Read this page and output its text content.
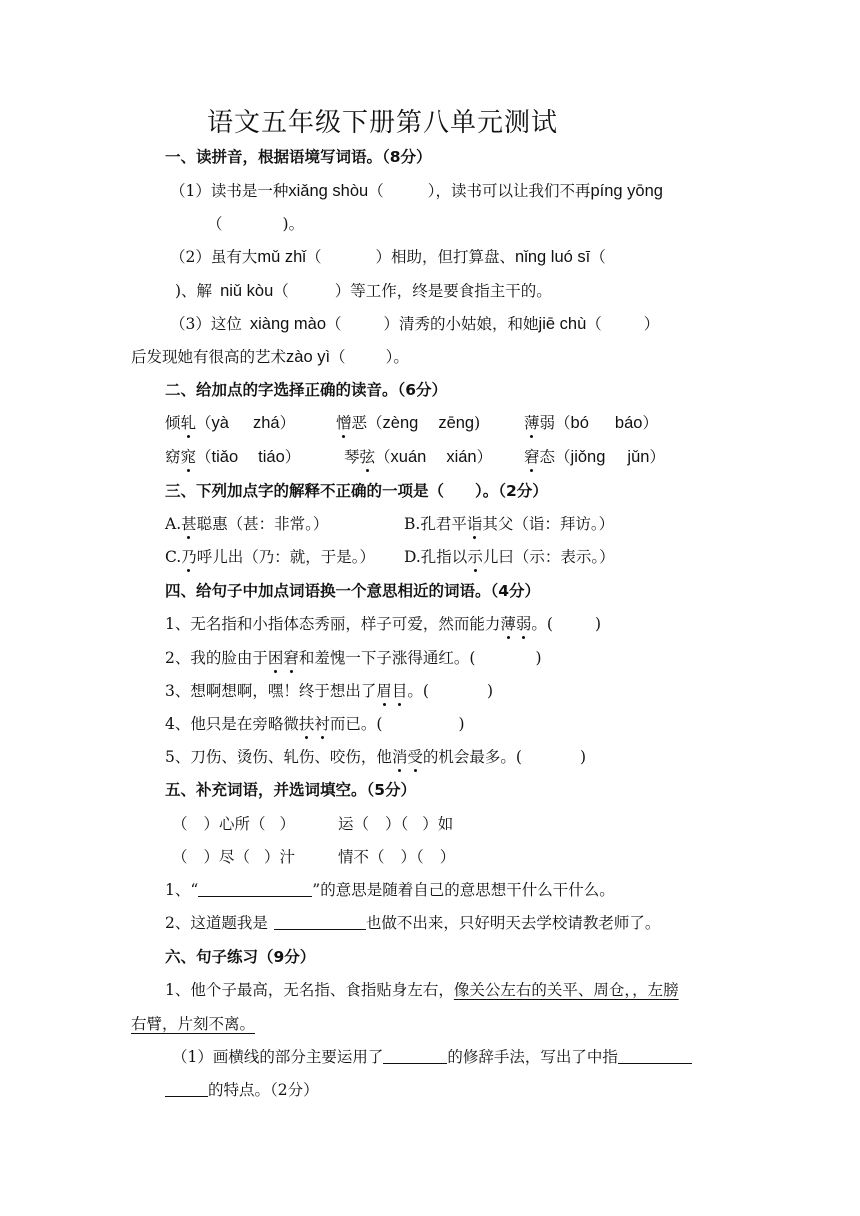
语文五年级下册第八单元测试
一、读拼音，根据语境写词语。（8分）
（1）读书是一种xiǎng shòu（	），读书可以让我们不再píng yōng
（	)。
（2）虽有大mǔ zhǐ（	）相助，但打算盘、nǐng luó sī（
)、解 niǔ kòu（	）等工作，终是要食指主干的。
（3）这位 xiàng mào（	）清秀的小姑娘，和她jiē chù（	）
后发现她有很高的艺术zào yì（	）。
二、给加点的字选择正确的读音。（6分）
倾轧（yà zhá）	憎恶（zèng zēng)	薄弱（bó báo）
窈窕（tiǎo tiáo）	琴弦（xuán xián） 窘态（jiǒng jǔn）
三、下列加点字的解释不正确的一项是（　　）。（2分）
A.甚聪惠（甚：非常。）	B.孔君平诣其父（诣：拜访。）
C.乃呼儿出（乃：就，于是。） D.孔指以示儿曰（示：表示。）
四、给句子中加点词语换一个意思相近的词语。（4分）
1、无名指和小指体态秀丽，样子可爱，然而能力薄弱。(	)
2、我的脸由于困窘和羞愧一下子涨得通红。(	)
3、想啊想啊，嘿！终于想出了眉目。(	)
4、他只是在旁略微扶衬而已。(	)
5、刀伤、烫伤、轧伤、咬伤，他消受的机会最多。(	)
五、补充词语，并选词填空。（5分）
（ ）心所（ ）	运（ ）（ ）如
（ ）尽（ ）汁	情不（ ）（ ）
1、“	”的意思是随着自己的意思想干什么干什么。
2、这道题我是	也做不出来，只好明天去学校请教老师了。
六、句子练习（9分）
1、他个子最高，无名指、食指贴身左右，像关公左右的关平、周仓，，左膀
右臂，片刻不离。
（1）画横线的部分主要运用了	的修辞手法，写出了中指
的特点。（2分）
